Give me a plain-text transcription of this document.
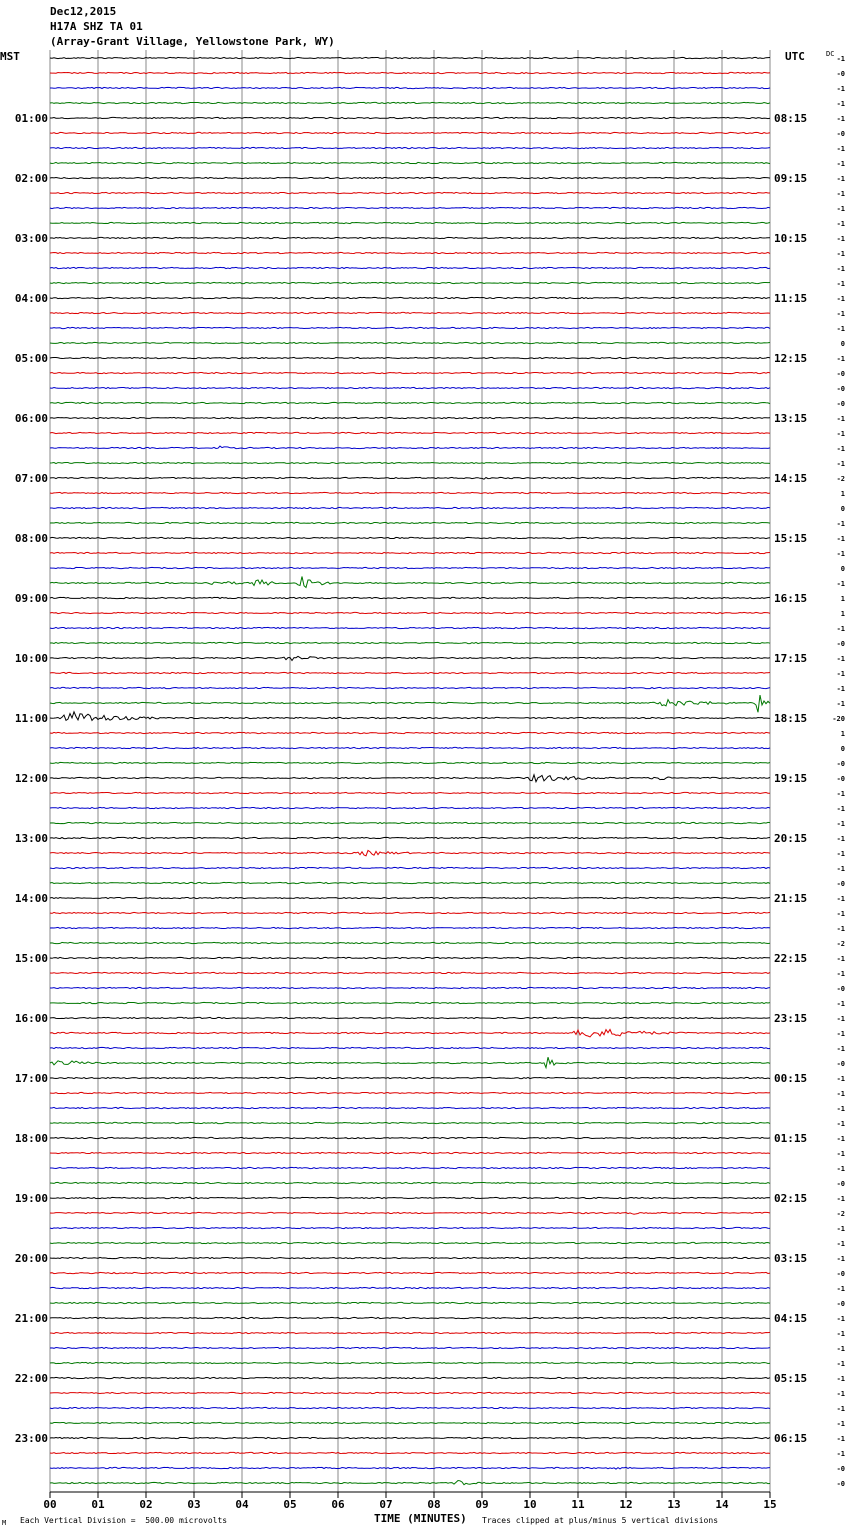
Dec12,2015
H17A SHZ TA 01
(Array-Grant Village, Yellowstone Park, WY)
MST	UTC	DC
00	01	02	03	04	05	06	07	08	09	10	11	12	13	14	15
-1
-0
-1
-1
-1
-0
-1
-1
-1
-1
-1
-1
-1
-1
-1
-1
-1
-1
-1
0
-1
-0
-0
-0
-1
-1
-1
-1
-2
1
0
-1
-1
-1
0
-1
1
1
-1
-0
-1
-1
-1
-1
-20
1
0
-0
-0
-1
-1
-1
-1
-1
-1
-0
-1
-1
-1
-2
-1
-1
-0
-1
-1
-1
-1
-0
-1
-1
-1
-1
-1
-1
-1
-0
-1
-2
-1
-1
-1
-0
-1
-0
-1
-1
-1
-1
-1
-1
-1
-1
-1
-1
-0
-0
01:00
02:00
03:00
04:00
05:00
06:00
07:00
08:00
09:00
10:00
11:00
12:00
13:00
14:00
15:00
16:00
17:00
18:00
19:00
20:00
21:00
22:00
23:00
08:15
09:15
10:15
11:15
12:15
13:15
14:15
15:15
16:15
17:15
18:15
19:15
20:15
21:15
22:15
23:15
00:15
01:15
02:15
03:15
04:15
05:15
06:15
M Each Vertical Division =  500.00 microvolts	TIME (MINUTES) Traces clipped at plus/minus 5 vertical divisions
